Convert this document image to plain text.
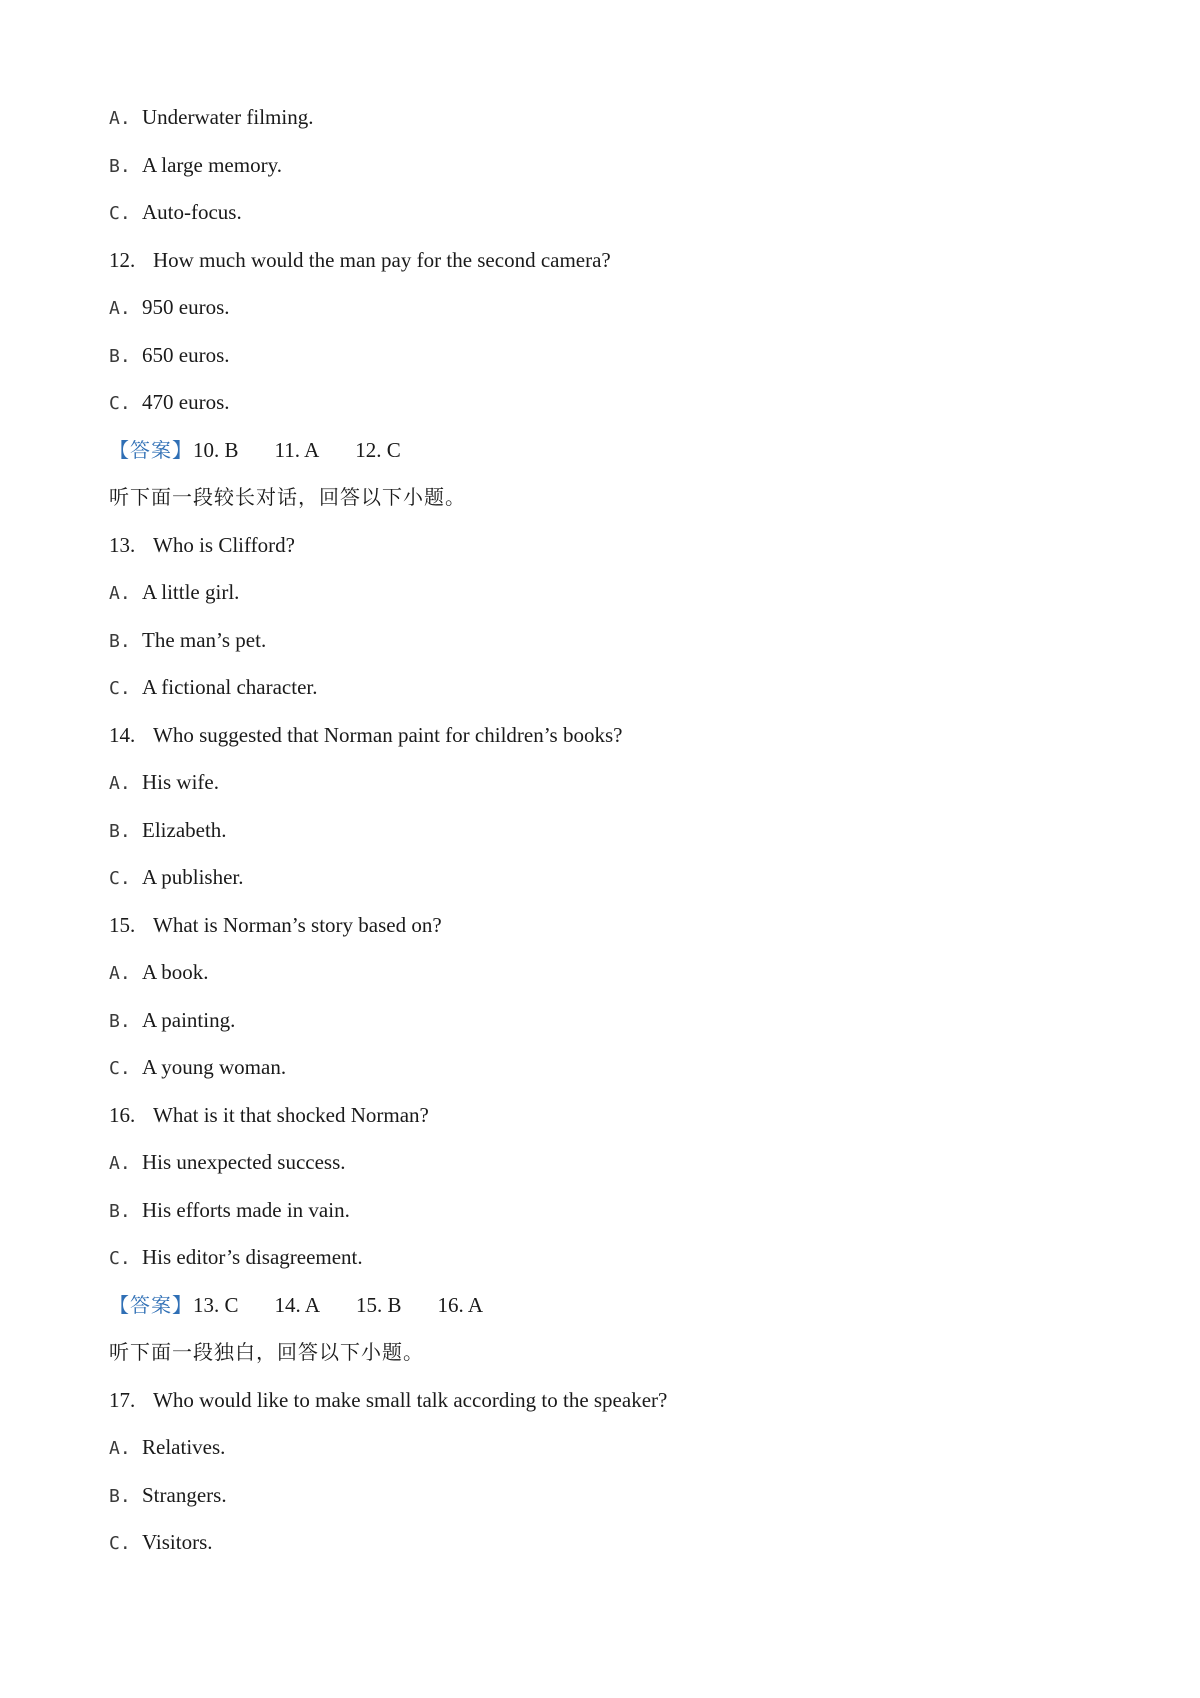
A. Underwater filming.
B. A large memory.
C. Auto-focus.
12. How much would the man pay for the second camera?
A. 950 euros.
B. 650 euros.
C. 470 euros.
【答案】10. B 11. A 12. C
听下面一段较长对话，回答以下小题。
13. Who is Clifford?
A. A little girl.
B. The man’s pet.
C. A fictional character.
14. Who suggested that Norman paint for children’s books?
A. His wife.
B. Elizabeth.
C. A publisher.
15. What is Norman’s story based on?
A. A book.
B. A painting.
C. A young woman.
16. What is it that shocked Norman?
A. His unexpected success.
B. His efforts made in vain.
C. His editor’s disagreement.
【答案】13. C 14. A 15. B 16. A
听下面一段独白，回答以下小题。
17. Who would like to make small talk according to the speaker?
A. Relatives.
B. Strangers.
C. Visitors.
